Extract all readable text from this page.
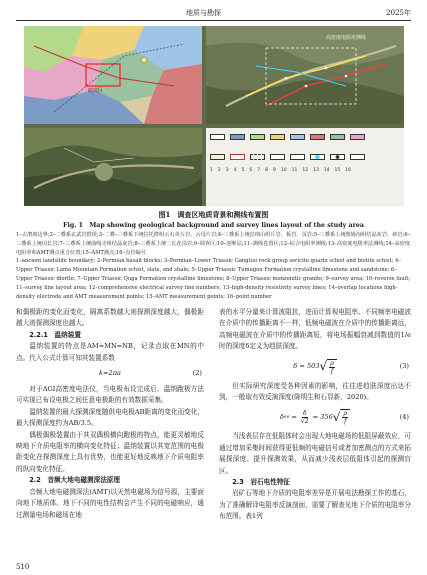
地质与勘探	2025年
研究区
高密度电阻率测线
1 2 3 4 5 6 7 8 9 10 11 12 13 14 15 16
图1　调查区地质背景和测线布置图
Fig. 1　Map showing geological background and survey lines layout of the study area
1–古潜坡边界;2–二叠系玄武岩群组;3–二叠–三叠系下统拉托群组云石英片岩、云母片岩;4–三叠系上统拉纳山组片岩、板岩、页岩;5–三叠系上统图姆沟组结晶灰岩、砂岩;6–三叠系上统闪长岩;7–三叠系上统曲嘎寺组结晶灰岩;8–三叠系上统二长花岗岩;9–调查区;10–逆断层;11–测线卷置区;12–综合电阻率测线;13–高密度电阻率法测线;14–高密度电阻率和AMT测点重合位置;15–AMT测点;16–点位编号
1–ancient landslide boundary; 2–Permian basalt blocks; 3–Permian–Lower Triassic Gangtuo rock group sericite quartz schist and biotite schist; 4–Upper Triassic Lama Mountain Formation schist, slate, and shale; 5–Upper Triassic Tumugou Formation crystalline limestone and sandstone; 6–Upper Triassic diorite; 7–Upper Triassic Quga Formation crystalline limestone; 8–Upper Triassic monzonitic granite; 9–survey area; 10–reverse fault; 11–survey line layout area; 12–comprehensive electrical survey line numbers; 13–high-density resistivity survey lines; 14–overlap locations high-density electrode and AMT measurement points; 15–AMT measurement points; 16–point number

和偶极距的变化而变化，隔离系数越大则探测深度越大，偶极距越大则探测深度也越大。

2.2.1　温纳装置

温纳装置的特点是AM=MN=NB，记录点取在MN的中点。代入公式计算可知其装置系数

k=2πa	(2)

对于AGI高密度电法仪，当电极布设完成后，温纳跑极方法可实现已布设电极之间任意电极距的有效数据采集。

温纳装置的最大探测深度随供电电极AB距离的变化而变化，最大探测深度约为AB/3.5。

偶极偶极装置由于其双偶极横向跑极的特点，能更灵敏地反映地下介质电阻率的横向变化特征；温纳装置以其宽范围的电极距变化在探测深度上具有优势，也能更好地反映地下介质电阻率的纵向变化特征。

2.2　音频大地电磁测深法原理

音频大地电磁测深法(AMT)以天然电磁场为信号源，主要面向地下地质体。地下不同的电性结构会产生不同的电磁响应，通过测量电场和磁场在地

表的水平分量来计算波阻抗，进而计算视电阻率。不同频率电磁波在介质中的传播距离不一样，低频电磁波在介质中的传播距离远，高频电磁波在介质中的传播距离短，将电场振幅衰减到数值的1/e时的深度δ定义为趋肤深度。

δ = 503 √ $\frac{\rho}{f}$	(3)

但实际研究深度受各种因素的影响，往往进趋肤深度出达不到，一般取有效反演深度(陈明生和石显新，2020)。

δ eo = $\frac{\delta}{√2} = 356$ √ $\frac{\rho}{f}$	(4)

当浅表层存在低阻体时会出现大地电磁场的低阻屏蔽效应，可通过增加采集时间获得更低频的电磁信号或者加密测点的方式来拓展探深度、提升探测效果，从而减少浅表层低阻体引起的探测盲区。

2.3　岩石电性特征

岩矿石等地下介质的电阻率差异是开展电法勘探工作的基石，为了准确解译电阻率反演剖面，需要了解查见地下介质的电阻率分布范围。表1列

510
